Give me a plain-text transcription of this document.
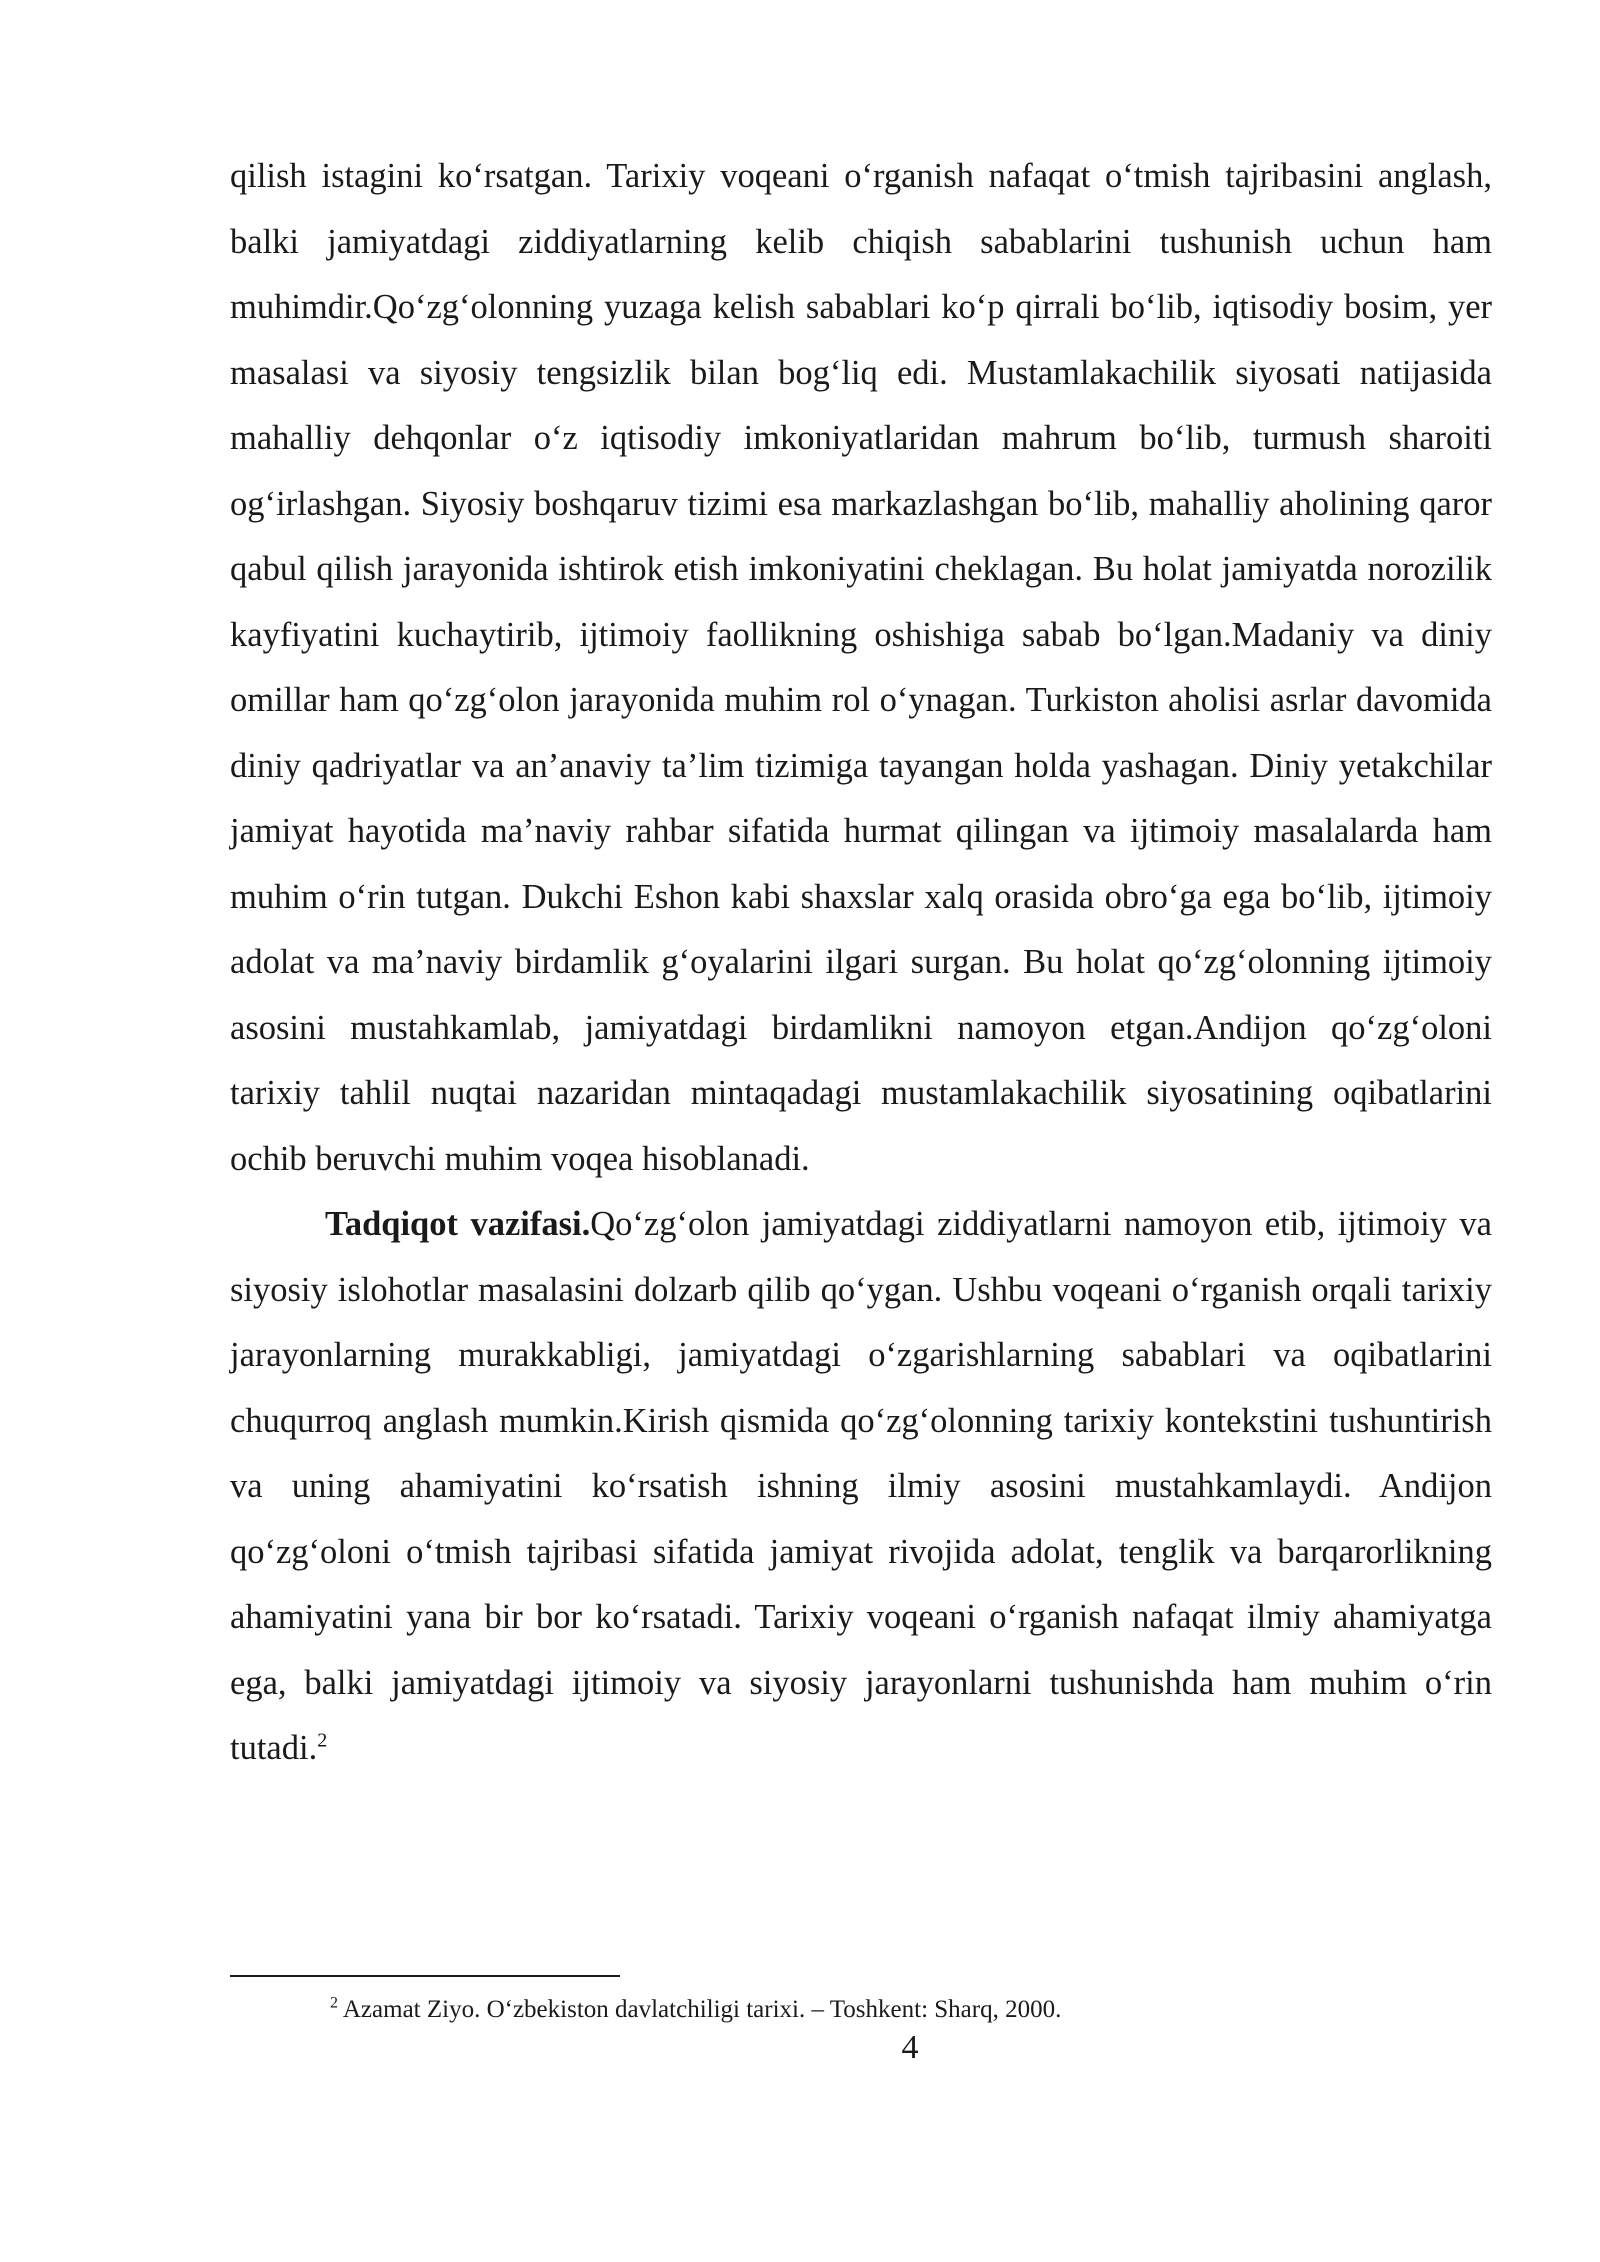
qilish istagini ko‘rsatgan. Tarixiy voqeani o‘rganish nafaqat o‘tmish tajribasini anglash, balki jamiyatdagi ziddiyatlarning kelib chiqish sabablarini tushunish uchun ham muhimdir.Qo‘zg‘olonning yuzaga kelish sabablari ko‘p qirrali bo‘lib, iqtisodiy bosim, yer masalasi va siyosiy tengsizlik bilan bog‘liq edi. Mustamlakachilik siyosati natijasida mahalliy dehqonlar o‘z iqtisodiy imkoniyatlaridan mahrum bo‘lib, turmush sharoiti og‘irlashgan. Siyosiy boshqaruv tizimi esa markazlashgan bo‘lib, mahalliy aholining qaror qabul qilish jarayonida ishtirok etish imkoniyatini cheklagan. Bu holat jamiyatda norozilik kayfiyatini kuchaytirib, ijtimoiy faollikning oshishiga sabab bo‘lgan.Madaniy va diniy omillar ham qo‘zg‘olon jarayonida muhim rol o‘ynagan. Turkiston aholisi asrlar davomida diniy qadriyatlar va an’anaviy ta’lim tizimiga tayangan holda yashagan. Diniy yetakchilar jamiyat hayotida ma’naviy rahbar sifatida hurmat qilingan va ijtimoiy masalalarda ham muhim o‘rin tutgan. Dukchi Eshon kabi shaxslar xalq orasida obro‘ga ega bo‘lib, ijtimoiy adolat va ma’naviy birdamlik g‘oyalarini ilgari surgan. Bu holat qo‘zg‘olonning ijtimoiy asosini mustahkamlab, jamiyatdagi birdamlikni namoyon etgan.Andijon qo‘zg‘oloni tarixiy tahlil nuqtai nazaridan mintaqadagi mustamlakachilik siyosatining oqibatlarini ochib beruvchi muhim voqea hisoblanadi.

Tadqiqot vazifasi.Qo‘zg‘olon jamiyatdagi ziddiyatlarni namoyon etib, ijtimoiy va siyosiy islohotlar masalasini dolzarb qilib qo‘ygan. Ushbu voqeani o‘rganish orqali tarixiy jarayonlarning murakkabligi, jamiyatdagi o‘zgarishlarning sabablari va oqibatlarini chuqurroq anglash mumkin.Kirish qismida qo‘zg‘olonning tarixiy kontekstini tushuntirish va uning ahamiyatini ko‘rsatish ishning ilmiy asosini mustahkamlaydi. Andijon qo‘zg‘oloni o‘tmish tajribasi sifatida jamiyat rivojida adolat, tenglik va barqarorlikning ahamiyatini yana bir bor ko‘rsatadi. Tarixiy voqeani o‘rganish nafaqat ilmiy ahamiyatga ega, balki jamiyatdagi ijtimoiy va siyosiy jarayonlarni tushunishda ham muhim o‘rin tutadi.$^2$

$^2$ Azamat Ziyo. O‘zbekiston davlatchiligi tarixi. – Toshkent: Sharq, 2000.
4
